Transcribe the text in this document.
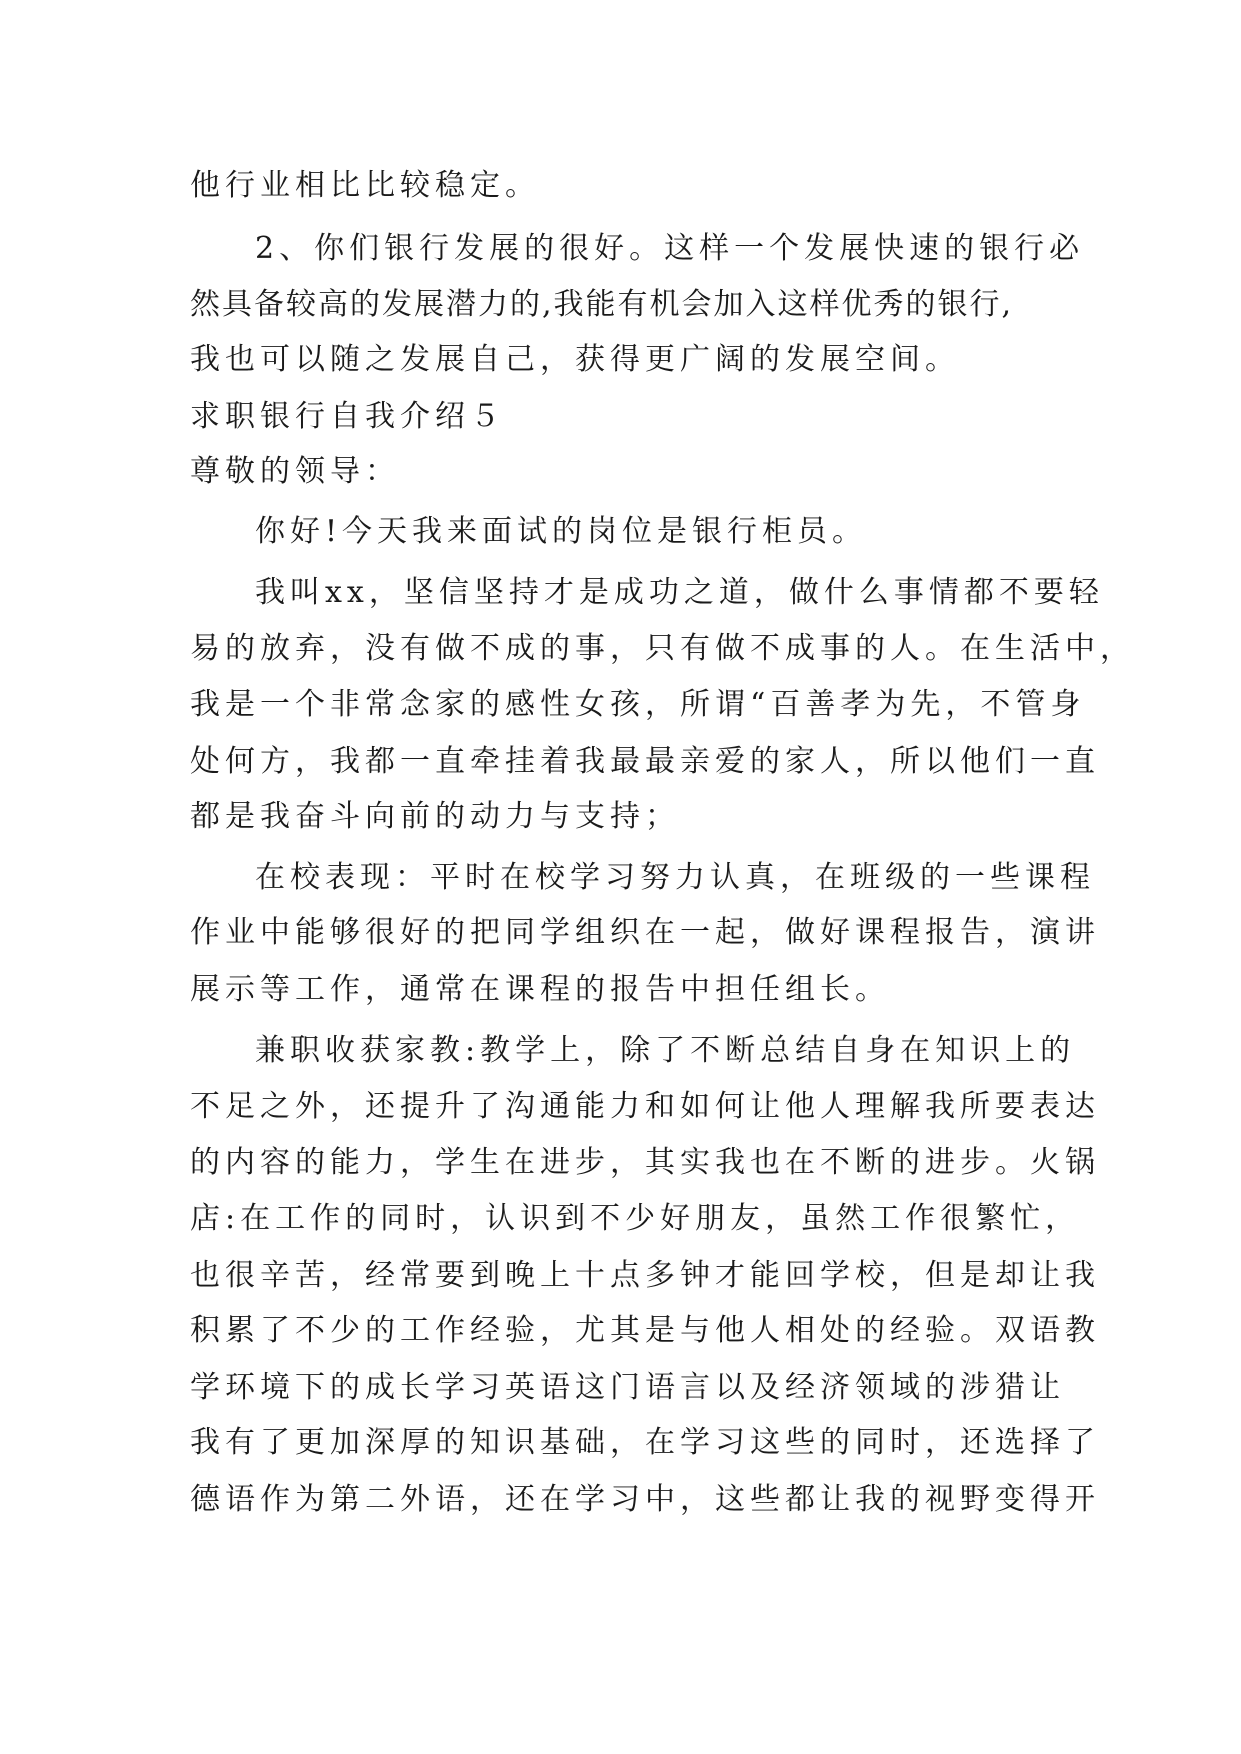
他行业相比比较稳定。
2、你们银行发展的很好。这样一个发展快速的银行必
然具备较高的发展潜力的,我能有机会加入这样优秀的银行,
我也可以随之发展自己，获得更广阔的发展空间。
求职银行自我介绍５
尊敬的领导：
你好!今天我来面试的岗位是银行柜员。
我叫xx，坚信坚持才是成功之道，做什么事情都不要轻
易的放弃，没有做不成的事，只有做不成事的人。在生活中，
我是一个非常念家的感性女孩，所谓“百善孝为先，不管身
处何方，我都一直牵挂着我最最亲爱的家人，所以他们一直
都是我奋斗向前的动力与支持；
在校表现：平时在校学习努力认真，在班级的一些课程
作业中能够很好的把同学组织在一起，做好课程报告，演讲
展示等工作，通常在课程的报告中担任组长。
兼职收获家教:教学上，除了不断总结自身在知识上的
不足之外，还提升了沟通能力和如何让他人理解我所要表达
的内容的能力，学生在进步，其实我也在不断的进步。火锅
店:在工作的同时，认识到不少好朋友，虽然工作很繁忙，
也很辛苦，经常要到晚上十点多钟才能回学校，但是却让我
积累了不少的工作经验，尤其是与他人相处的经验。双语教
学环境下的成长学习英语这门语言以及经济领域的涉猎让
我有了更加深厚的知识基础，在学习这些的同时，还选择了
德语作为第二外语，还在学习中，这些都让我的视野变得开
